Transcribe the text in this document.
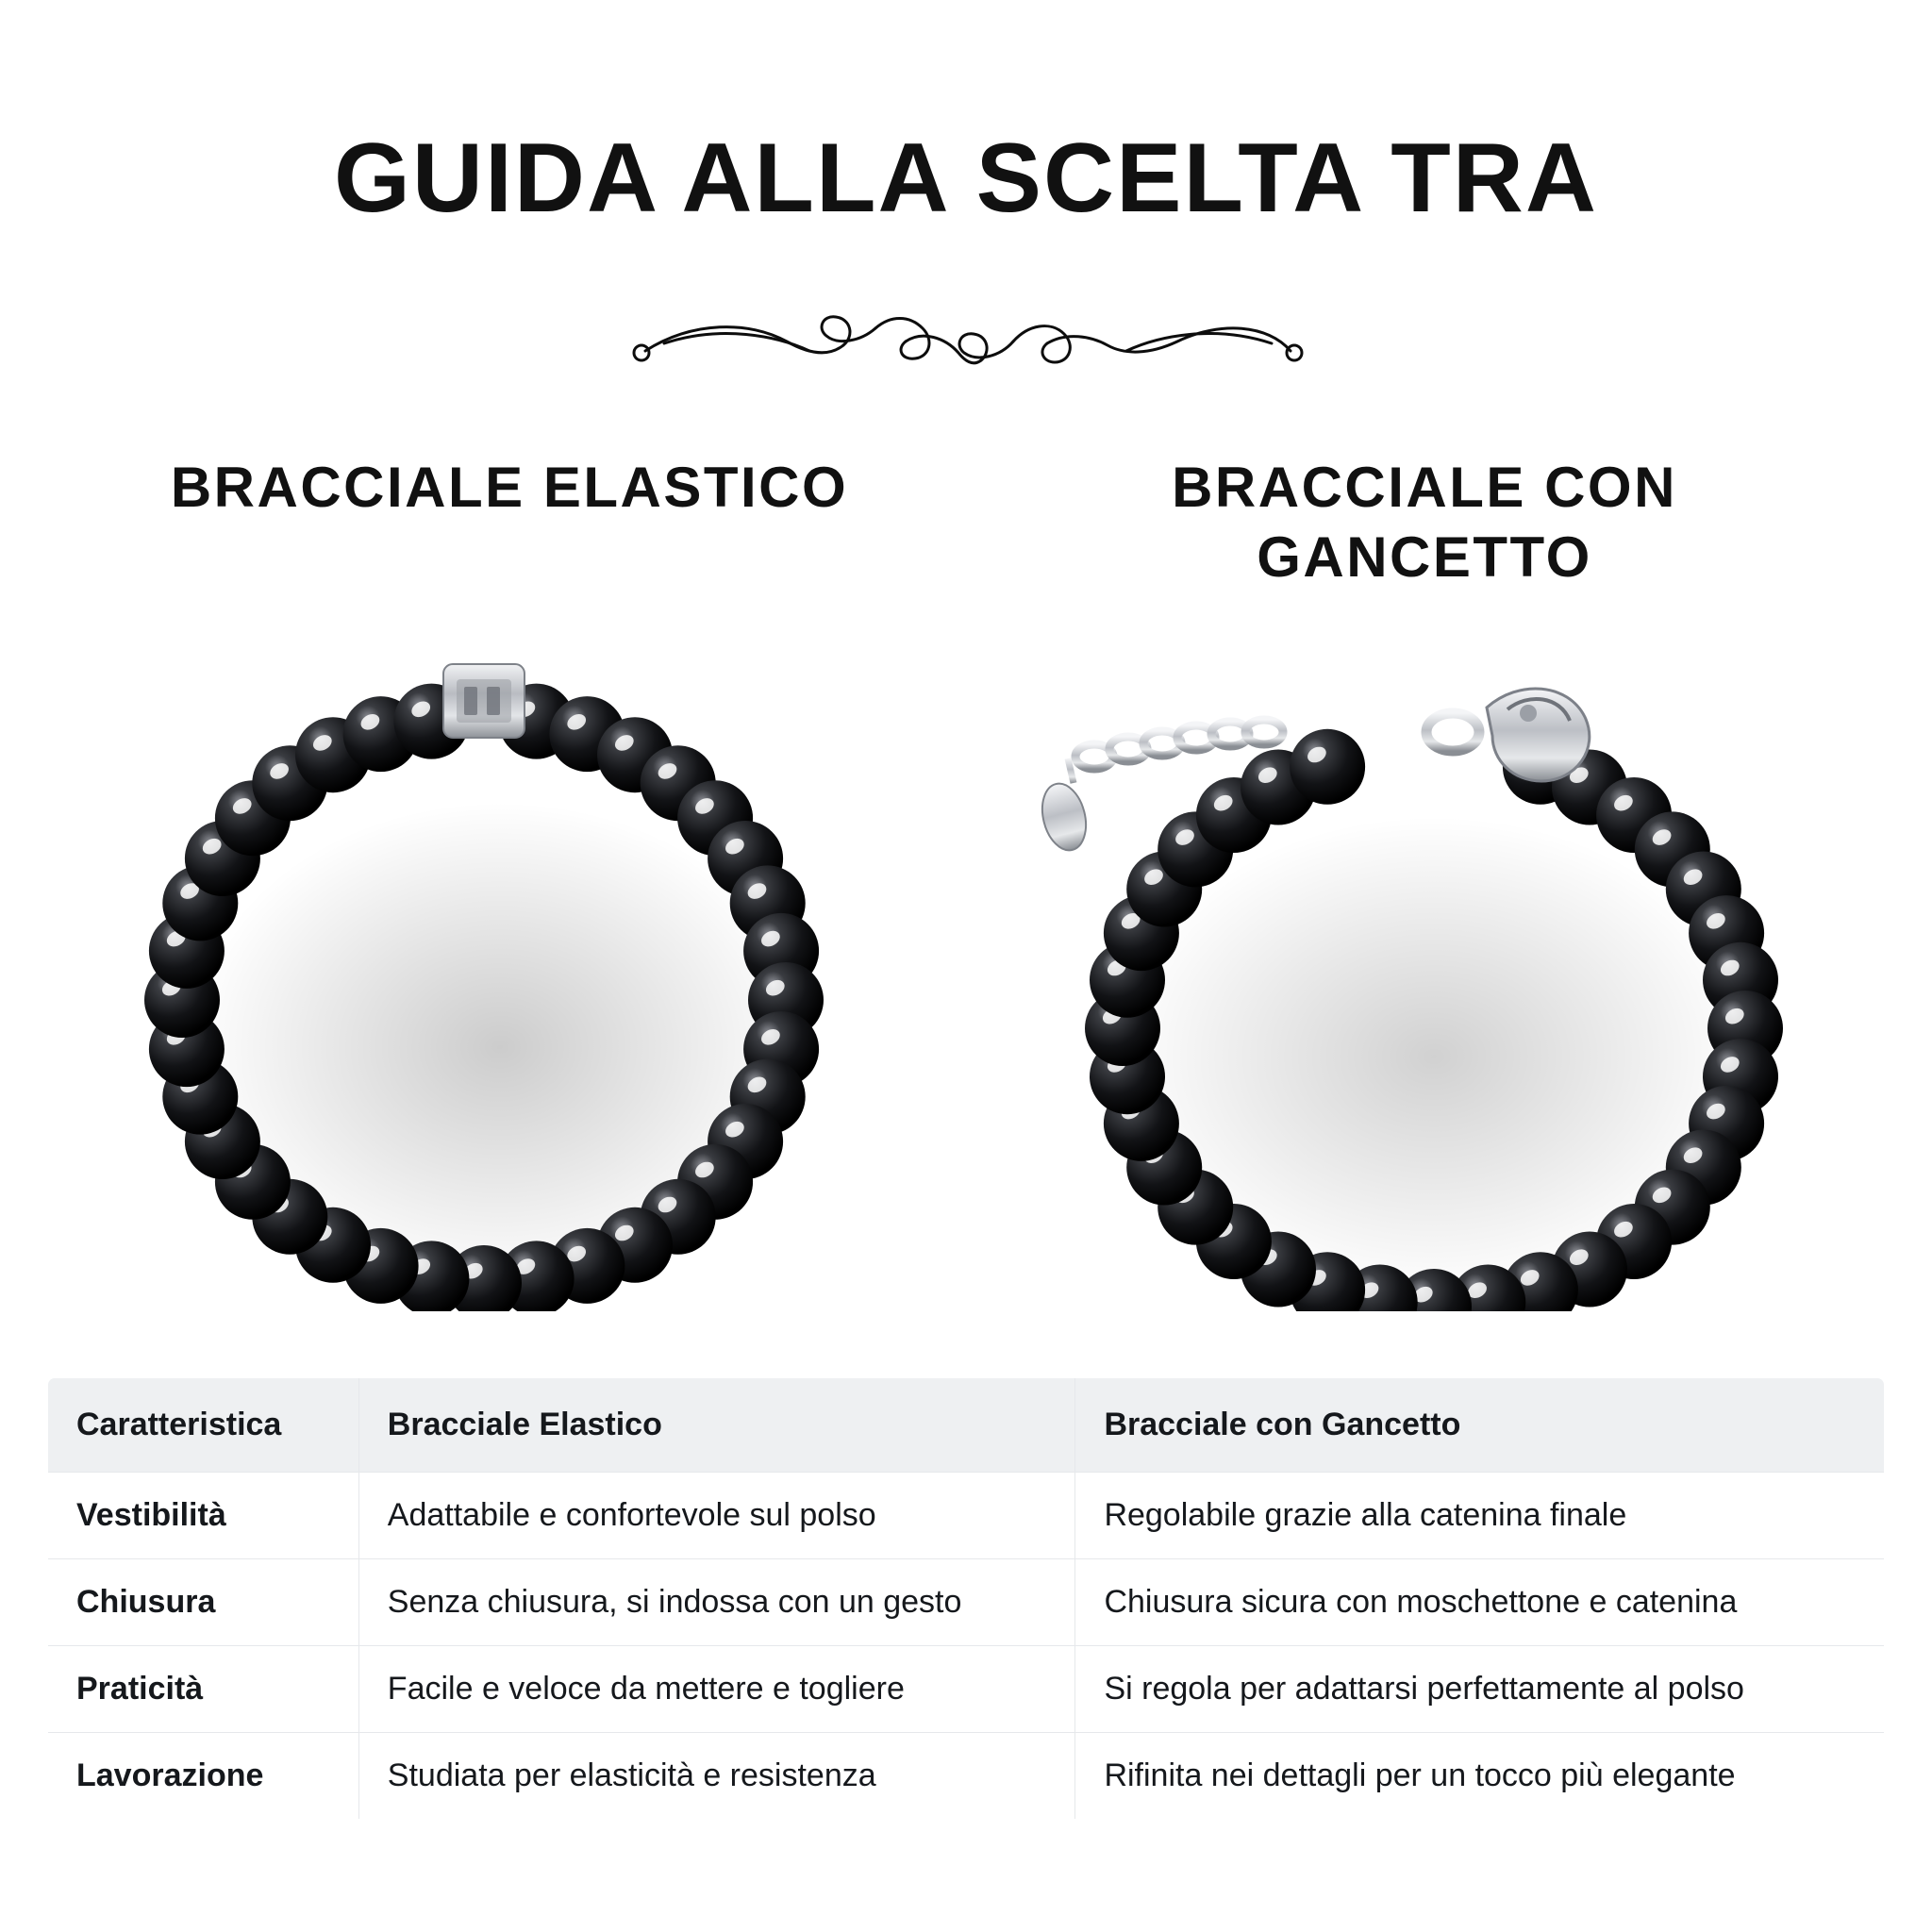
GUIDA ALLA SCELTA TRA
BRACCIALE ELASTICO	BRACCIALE CON GANCETTO
Caratteristica	Bracciale Elastico	Bracciale con Gancetto
Vestibilità	Adattabile e confortevole sul polso	Regolabile grazie alla catenina finale
Chiusura	Senza chiusura, si indossa con un gesto	Chiusura sicura con moschettone e catenina
Praticità	Facile e veloce da mettere e togliere	Si regola per adattarsi perfettamente al polso
Lavorazione	Studiata per elasticità e resistenza	Rifinita nei dettagli per un tocco più elegante
